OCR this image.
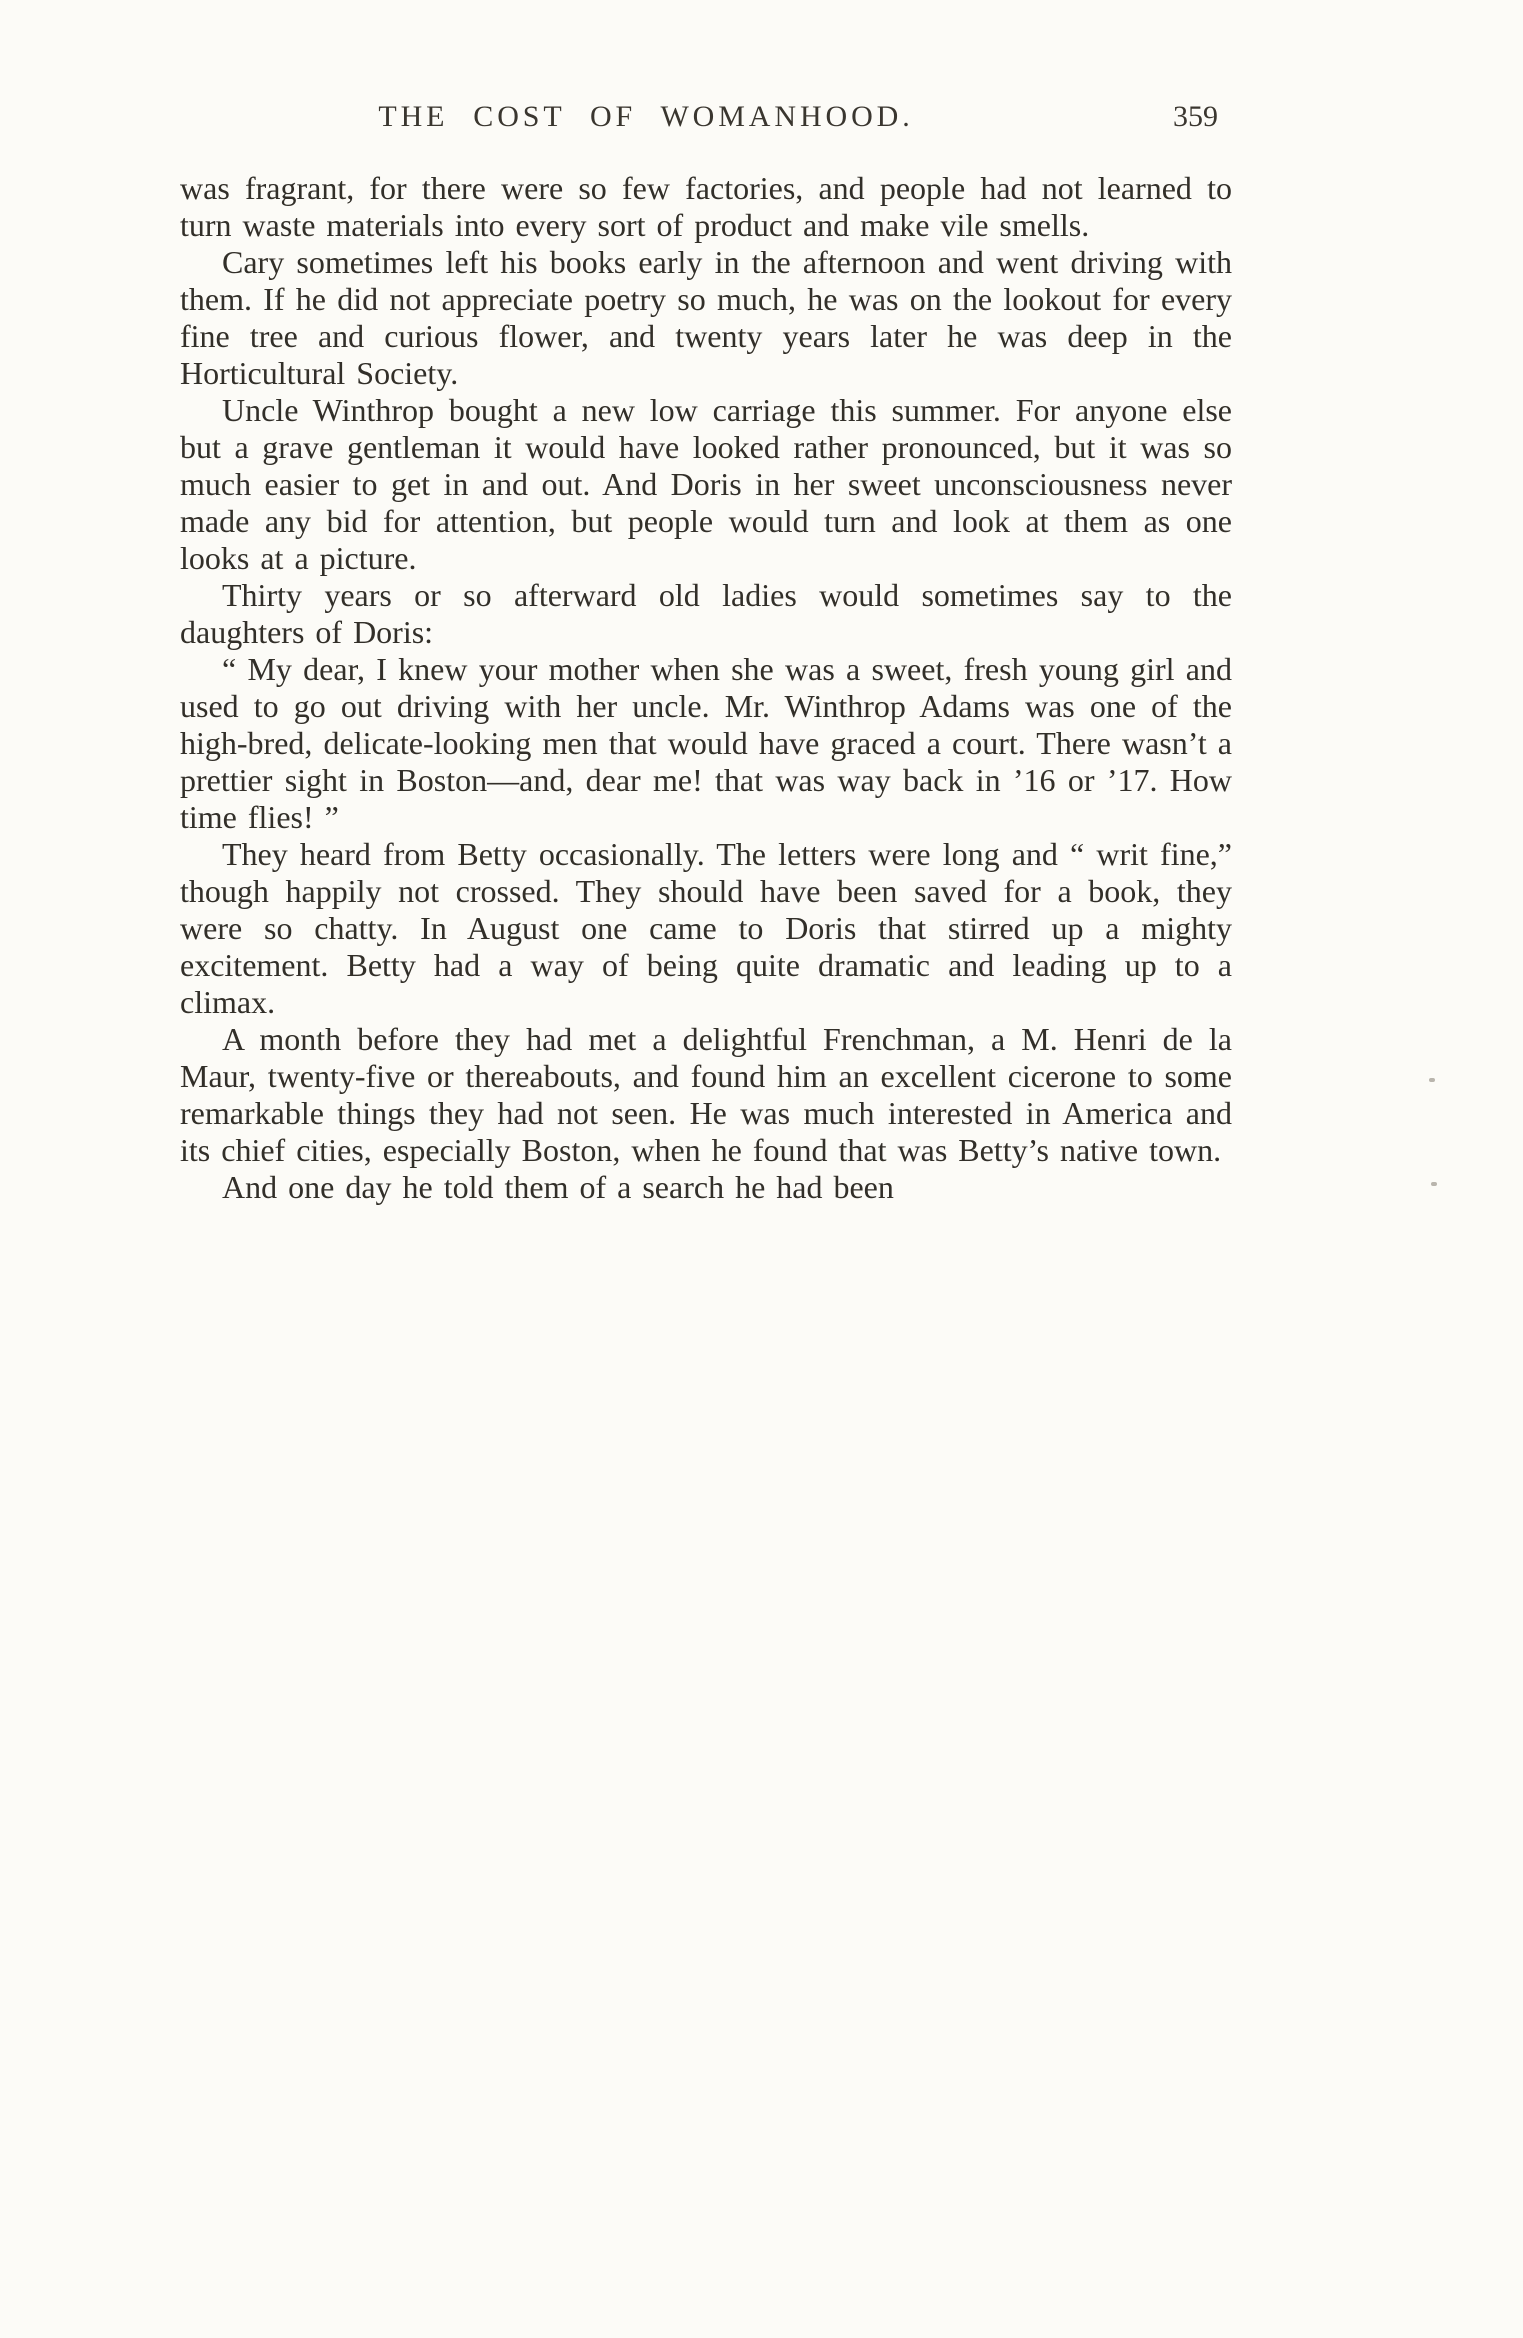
THE COST OF WOMANHOOD.	359

was fragrant, for there were so few factories, and people had not learned to turn waste materials into every sort of product and make vile smells.

Cary sometimes left his books early in the afternoon and went driving with them. If he did not appreciate poetry so much, he was on the lookout for every fine tree and curious flower, and twenty years later he was deep in the Horticultural Society.

Uncle Winthrop bought a new low carriage this summer. For anyone else but a grave gentleman it would have looked rather pronounced, but it was so much easier to get in and out. And Doris in her sweet unconsciousness never made any bid for attention, but people would turn and look at them as one looks at a picture.

Thirty years or so afterward old ladies would sometimes say to the daughters of Doris:

“ My dear, I knew your mother when she was a sweet, fresh young girl and used to go out driving with her uncle. Mr. Winthrop Adams was one of the high-bred, delicate-looking men that would have graced a court. There wasn’t a prettier sight in Boston—and, dear me! that was way back in ’16 or ’17. How time flies! ”

They heard from Betty occasionally. The letters were long and “ writ fine,” though happily not crossed. They should have been saved for a book, they were so chatty. In August one came to Doris that stirred up a mighty excitement. Betty had a way of being quite dramatic and leading up to a climax.

A month before they had met a delightful Frenchman, a M. Henri de la Maur, twenty-five or thereabouts, and found him an excellent cicerone to some remarkable things they had not seen. He was much interested in America and its chief cities, especially Boston, when he found that was Betty’s native town.

And one day he told them of a search he had been
